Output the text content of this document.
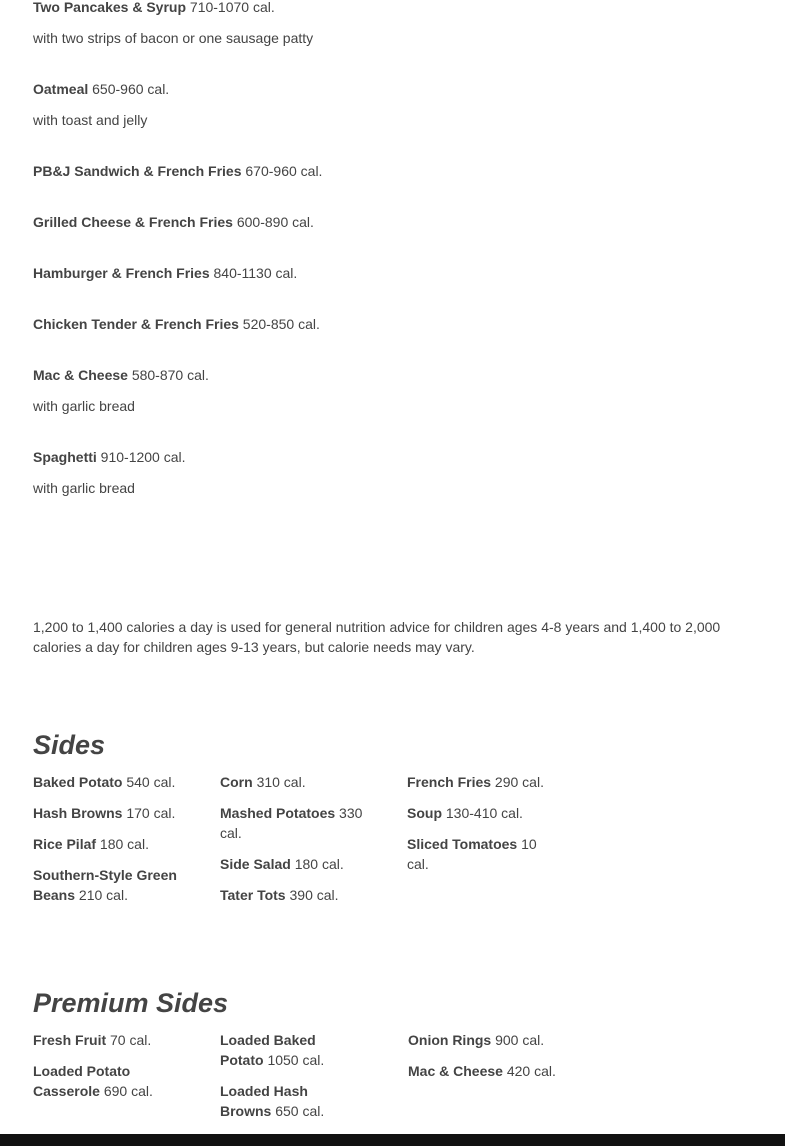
Two Pancakes & Syrup 710-1070 cal.

with two strips of bacon or one sausage patty

Oatmeal 650-960 cal.

with toast and jelly

PB&J Sandwich & French Fries 670-960 cal.

Grilled Cheese & French Fries 600-890 cal.

Hamburger & French Fries 840-1130 cal.

Chicken Tender & French Fries 520-850 cal.

Mac & Cheese 580-870 cal.

with garlic bread

Spaghetti 910-1200 cal.

with garlic bread

1,200 to 1,400 calories a day is used for general nutrition advice for children ages 4-8 years and 1,400 to 2,000 calories a day for children ages 9-13 years, but calorie needs may vary.

Sides

Baked Potato 540 cal.

Hash Browns 170 cal.

Rice Pilaf 180 cal.

Southern-Style Green Beans 210 cal.

Corn 310 cal.

Mashed Potatoes 330 cal.

Side Salad 180 cal.

Tater Tots 390 cal.

French Fries 290 cal.

Soup 130-410 cal.

Sliced Tomatoes 10 cal.

Premium Sides

Fresh Fruit 70 cal.

Loaded Potato Casserole 690 cal.

Loaded Baked Potato 1050 cal.

Loaded Hash Browns 650 cal.

Onion Rings 900 cal.

Mac & Cheese 420 cal.
